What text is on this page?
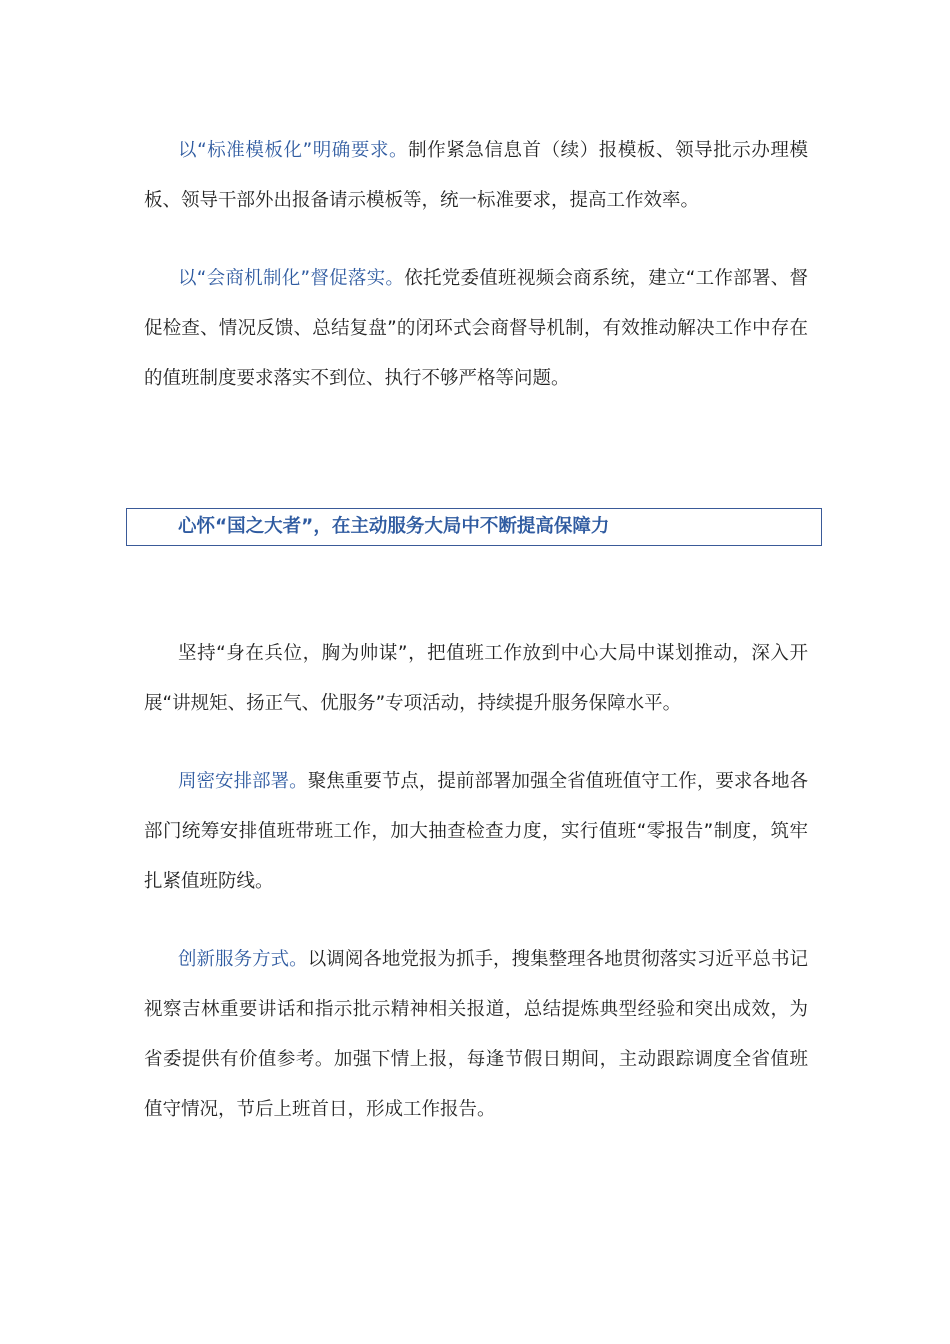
以“标准模板化”明确要求。制作紧急信息首（续）报模板、领导批示办理模板、领导干部外出报备请示模板等，统一标准要求，提高工作效率。

以“会商机制化”督促落实。依托党委值班视频会商系统，建立“工作部署、督促检查、情况反馈、总结复盘”的闭环式会商督导机制，有效推动解决工作中存在的值班制度要求落实不到位、执行不够严格等问题。

心怀“国之大者”，在主动服务大局中不断提高保障力

坚持“身在兵位，胸为帅谋”，把值班工作放到中心大局中谋划推动，深入开展“讲规矩、扬正气、优服务”专项活动，持续提升服务保障水平。

周密安排部署。聚焦重要节点，提前部署加强全省值班值守工作，要求各地各部门统筹安排值班带班工作，加大抽查检查力度，实行值班“零报告”制度，筑牢扎紧值班防线。

创新服务方式。以调阅各地党报为抓手，搜集整理各地贯彻落实习近平总书记视察吉林重要讲话和指示批示精神相关报道，总结提炼典型经验和突出成效，为省委提供有价值参考。加强下情上报，每逢节假日期间，主动跟踪调度全省值班值守情况，节后上班首日，形成工作报告。
